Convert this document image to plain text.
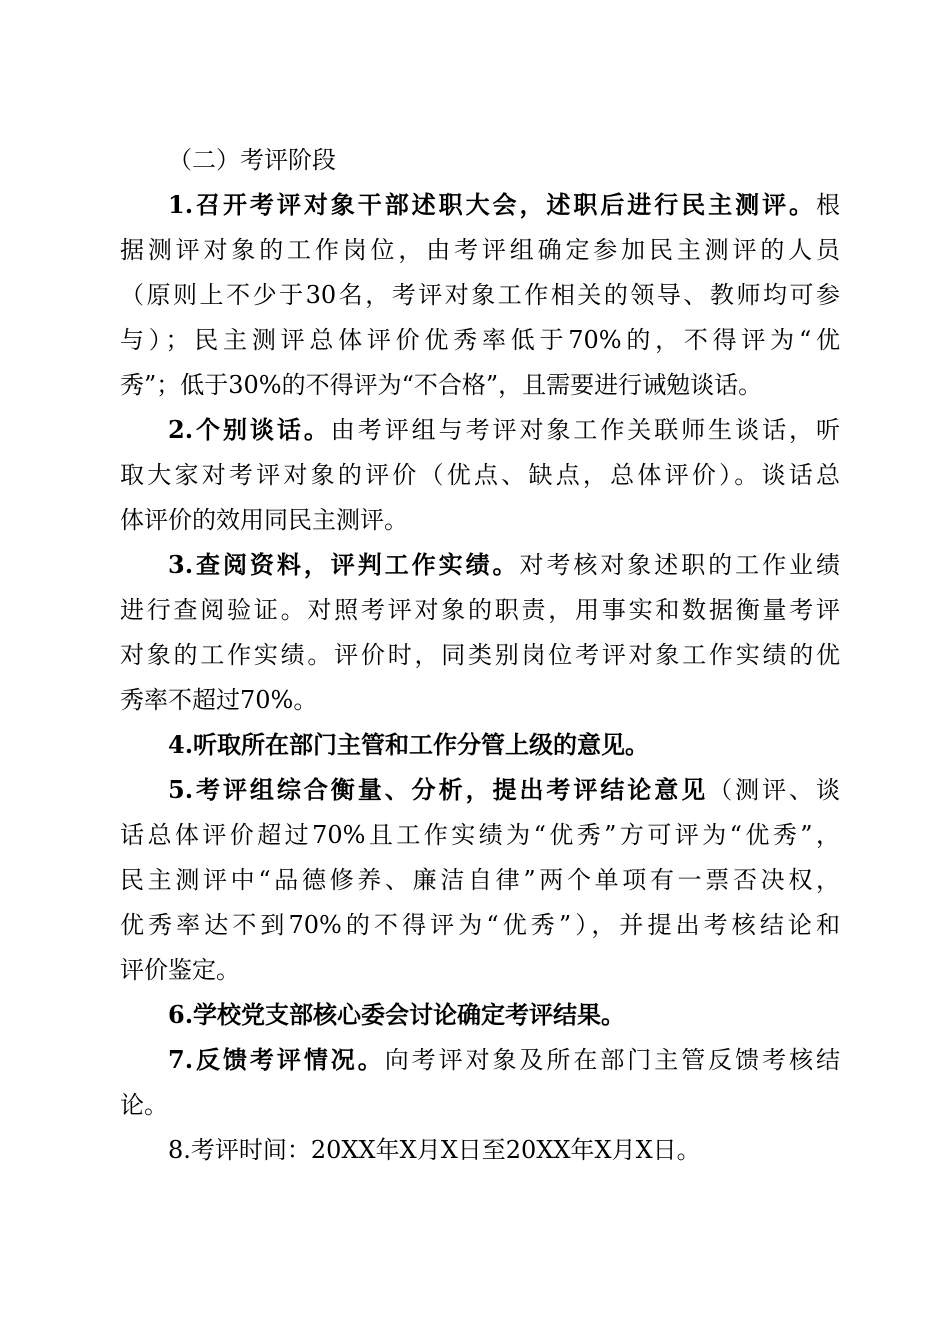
（二）考评阶段
1.召开考评对象干部述职大会，述职后进行民主测评。根
据测评对象的工作岗位，由考评组确定参加民主测评的人员
（原则上不少于30名，考评对象工作相关的领导、教师均可参
与）；民主测评总体评价优秀率低于70%的，不得评为“优
秀”；低于30%的不得评为“不合格”，且需要进行诫勉谈话。
2.个别谈话。由考评组与考评对象工作关联师生谈话，听
取大家对考评对象的评价（优点、缺点，总体评价）。谈话总
体评价的效用同民主测评。
3.查阅资料，评判工作实绩。对考核对象述职的工作业绩
进行查阅验证。对照考评对象的职责，用事实和数据衡量考评
对象的工作实绩。评价时，同类别岗位考评对象工作实绩的优
秀率不超过70%。
4.听取所在部门主管和工作分管上级的意见。
5.考评组综合衡量、分析，提出考评结论意见（测评、谈
话总体评价超过70%且工作实绩为“优秀”方可评为“优秀”，
民主测评中“品德修养、廉洁自律”两个单项有一票否决权，
优秀率达不到70%的不得评为“优秀”），并提出考核结论和
评价鉴定。
6.学校党支部核心委会讨论确定考评结果。
7.反馈考评情况。向考评对象及所在部门主管反馈考核结
论。
8.考评时间：20XX年X月X日至20XX年X月X日。
